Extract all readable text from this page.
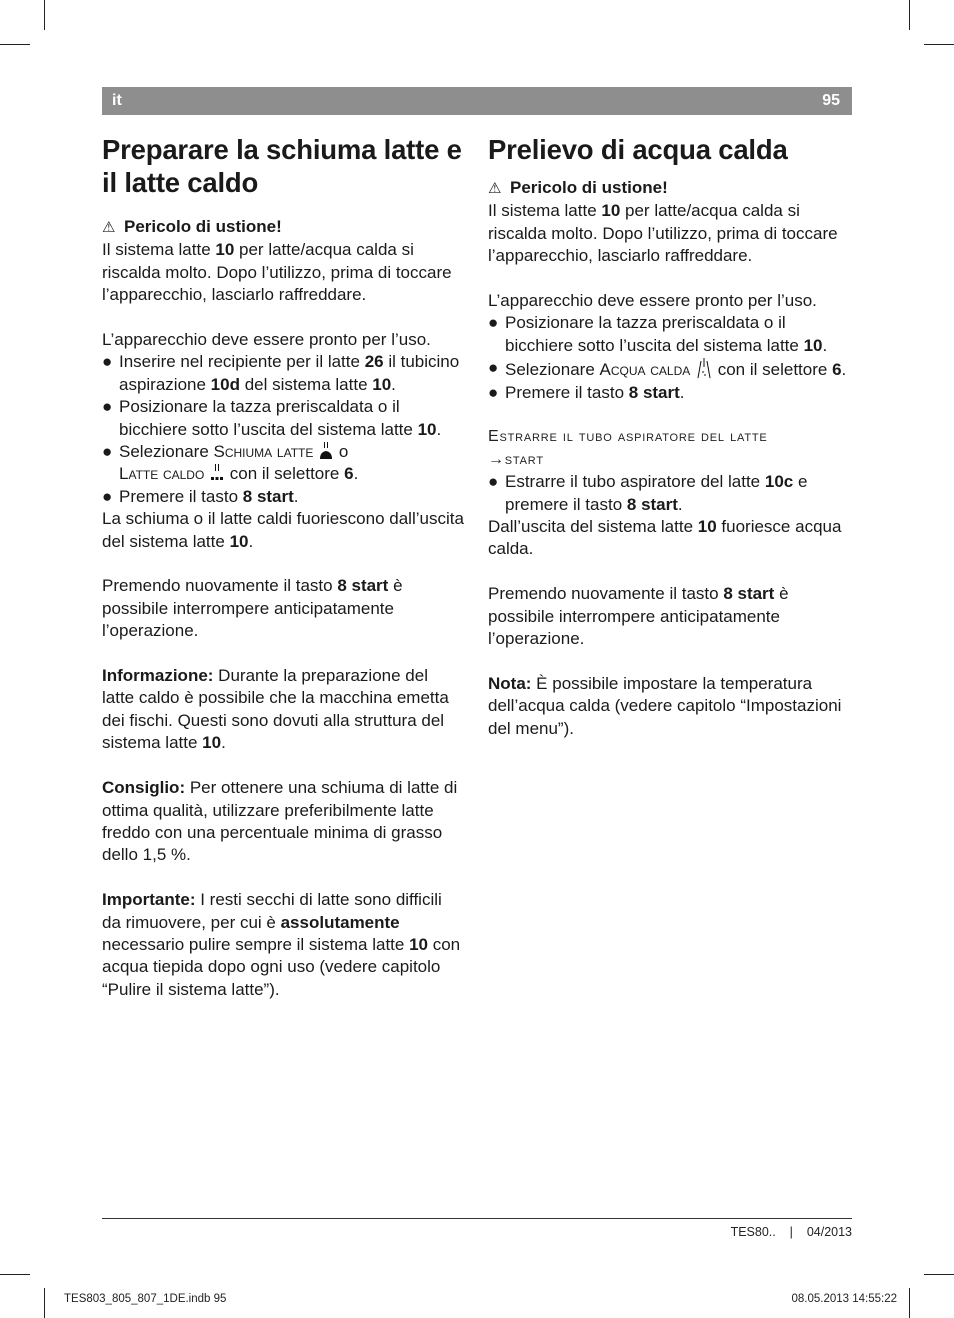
it	95
Preparare la schiuma latte e il latte caldo

⚠ Pericolo di ustione!

Il sistema latte 10 per latte/acqua calda si riscalda molto. Dopo l’utilizzo, prima di toccare l’apparecchio, lasciarlo raffreddare.

L’apparecchio deve essere pronto per l’uso.

● Inserire nel recipiente per il latte 26 il tubicino aspirazione 10d del sistema latte 10.
● Posizionare la tazza preriscaldata o il bicchiere sotto l’uscita del sistema latte 10.
● Selezionare Schiuma latte  o
Latte caldo  con il selettore 6.
● Premere il tasto 8 start.

La schiuma o il latte caldi fuoriescono dall’uscita del sistema latte 10.

Premendo nuovamente il tasto 8 start è possibile interrompere anticipatamente l’operazione.

Informazione: Durante la preparazione del latte caldo è possibile che la macchina emetta dei fischi. Questi sono dovuti alla struttura del sistema latte 10.

Consiglio: Per ottenere una schiuma di latte di ottima qualità, utilizzare preferibilmente latte freddo con una percentuale minima di grasso dello 1,5 %.

Importante: I resti secchi di latte sono difficili da rimuovere, per cui è assolutamente necessario pulire sempre il sistema latte 10 con acqua tiepida dopo ogni uso (vedere capitolo “Pulire il sistema latte”).

Prelievo di acqua calda

⚠ Pericolo di ustione!

Il sistema latte 10 per latte/acqua calda si riscalda molto. Dopo l’utilizzo, prima di toccare l’apparecchio, lasciarlo raffreddare.

L’apparecchio deve essere pronto per l’uso.

● Posizionare la tazza preriscaldata o il bicchiere sotto l’uscita del sistema latte 10.
● Selezionare Acqua calda  con il selettore 6.
● Premere il tasto 8 start.

Estrarre il tubo aspiratore del latte
→start

● Estrarre il tubo aspiratore del latte 10c e premere il tasto 8 start.

Dall’uscita del sistema latte 10 fuoriesce acqua calda.

Premendo nuovamente il tasto 8 start è possibile interrompere anticipatamente l’operazione.

Nota: È possibile impostare la temperatura dell’acqua calda (vedere capitolo “Impostazioni del menu”).

TES80.. | 04/2013
TES803_805_807_1DE.indb 95	08.05.2013 14:55:22
